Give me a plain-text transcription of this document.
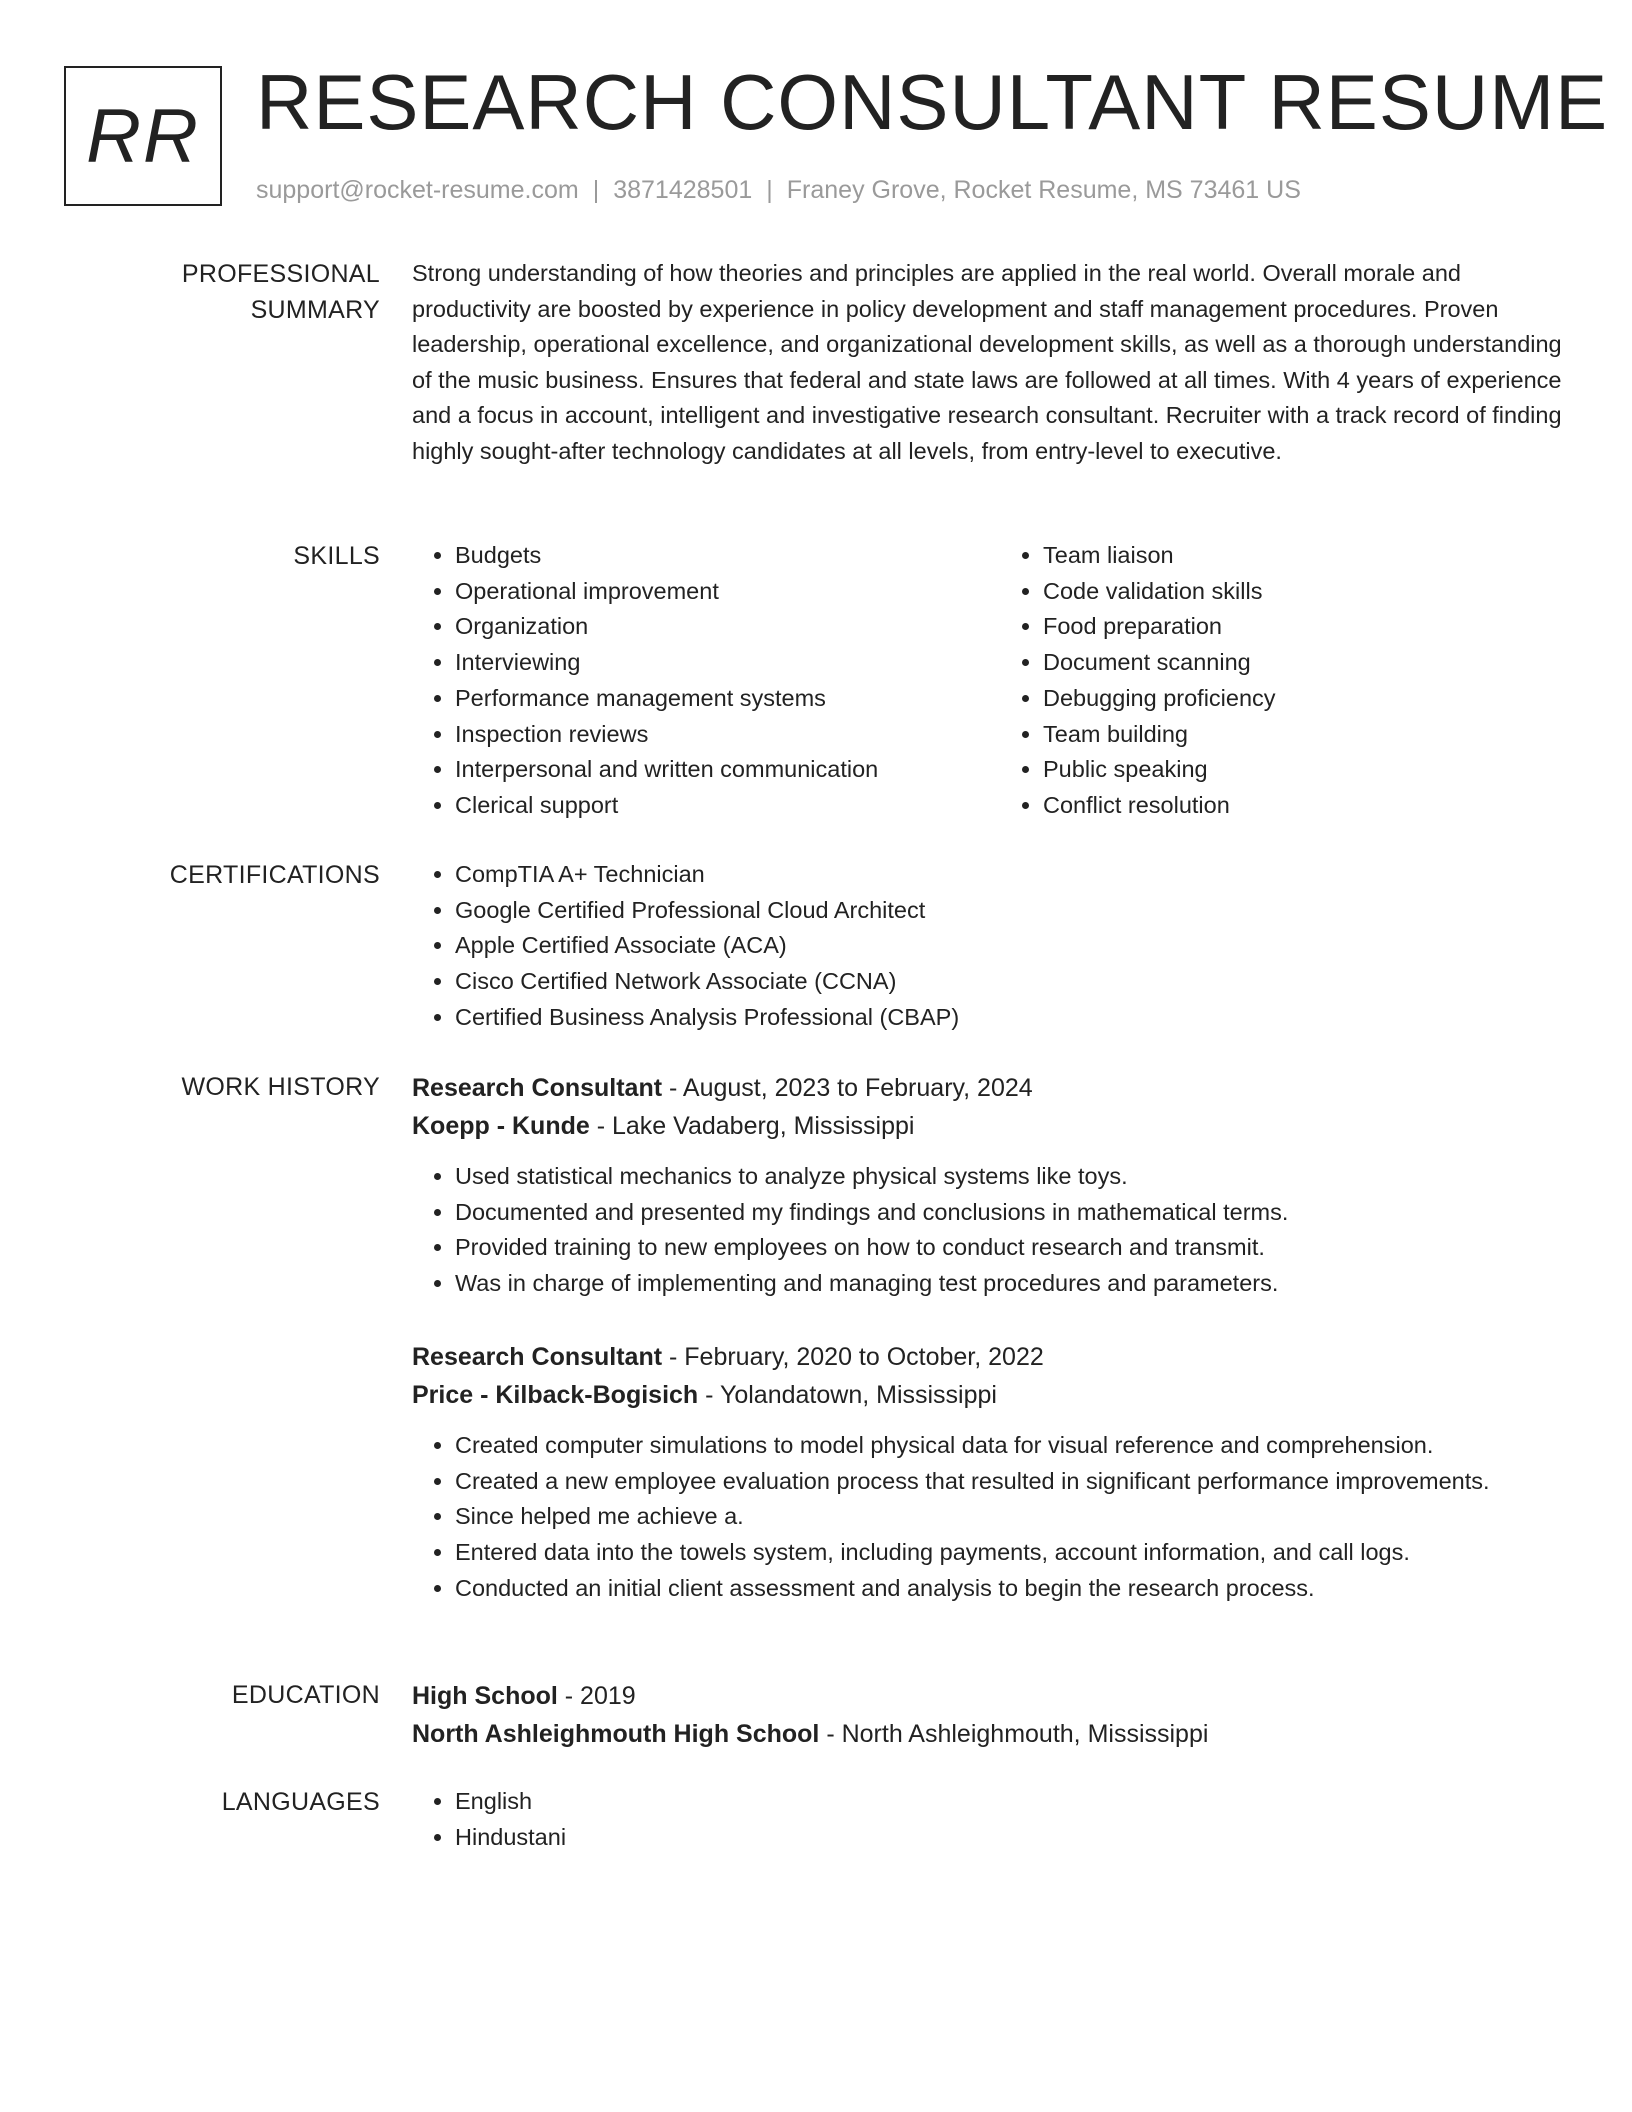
RR RESEARCH CONSULTANT RESUME
support@rocket-resume.com | 3871428501 | Franey Grove, Rocket Resume, MS 73461 US
PROFESSIONAL SUMMARY

Strong understanding of how theories and principles are applied in the real world. Overall morale and productivity are boosted by experience in policy development and staff management procedures. Proven leadership, operational excellence, and organizational development skills, as well as a thorough understanding of the music business. Ensures that federal and state laws are followed at all times. With 4 years of experience and a focus in account, intelligent and investigative research consultant. Recruiter with a track record of finding highly sought-after technology candidates at all levels, from entry-level to executive.

SKILLS	• Budgets
• Operational improvement
• Organization
• Interviewing
• Performance management systems
• Inspection reviews
• Interpersonal and written communication
• Clerical support
• Team liaison
• Code validation skills
• Food preparation
• Document scanning
• Debugging proficiency
• Team building
• Public speaking
• Conflict resolution
CERTIFICATIONS	• CompTIA A+ Technician
• Google Certified Professional Cloud Architect
• Apple Certified Associate (ACA)
• Cisco Certified Network Associate (CCNA)
• Certified Business Analysis Professional (CBAP)
WORK HISTORY	Research Consultant - August, 2023 to February, 2024
Koepp - Kunde - Lake Vadaberg, Mississippi
• Used statistical mechanics to analyze physical systems like toys.
• Documented and presented my findings and conclusions in mathematical terms.
• Provided training to new employees on how to conduct research and transmit.
• Was in charge of implementing and managing test procedures and parameters.
Research Consultant - February, 2020 to October, 2022
Price - Kilback-Bogisich - Yolandatown, Mississippi
• Created computer simulations to model physical data for visual reference and comprehension.
• Created a new employee evaluation process that resulted in significant performance improvements.
• Since helped me achieve a.
• Entered data into the towels system, including payments, account information, and call logs.
• Conducted an initial client assessment and analysis to begin the research process.
EDUCATION	High School - 2019
North Ashleighmouth High School - North Ashleighmouth, Mississippi
LANGUAGES	• English
• Hindustani
